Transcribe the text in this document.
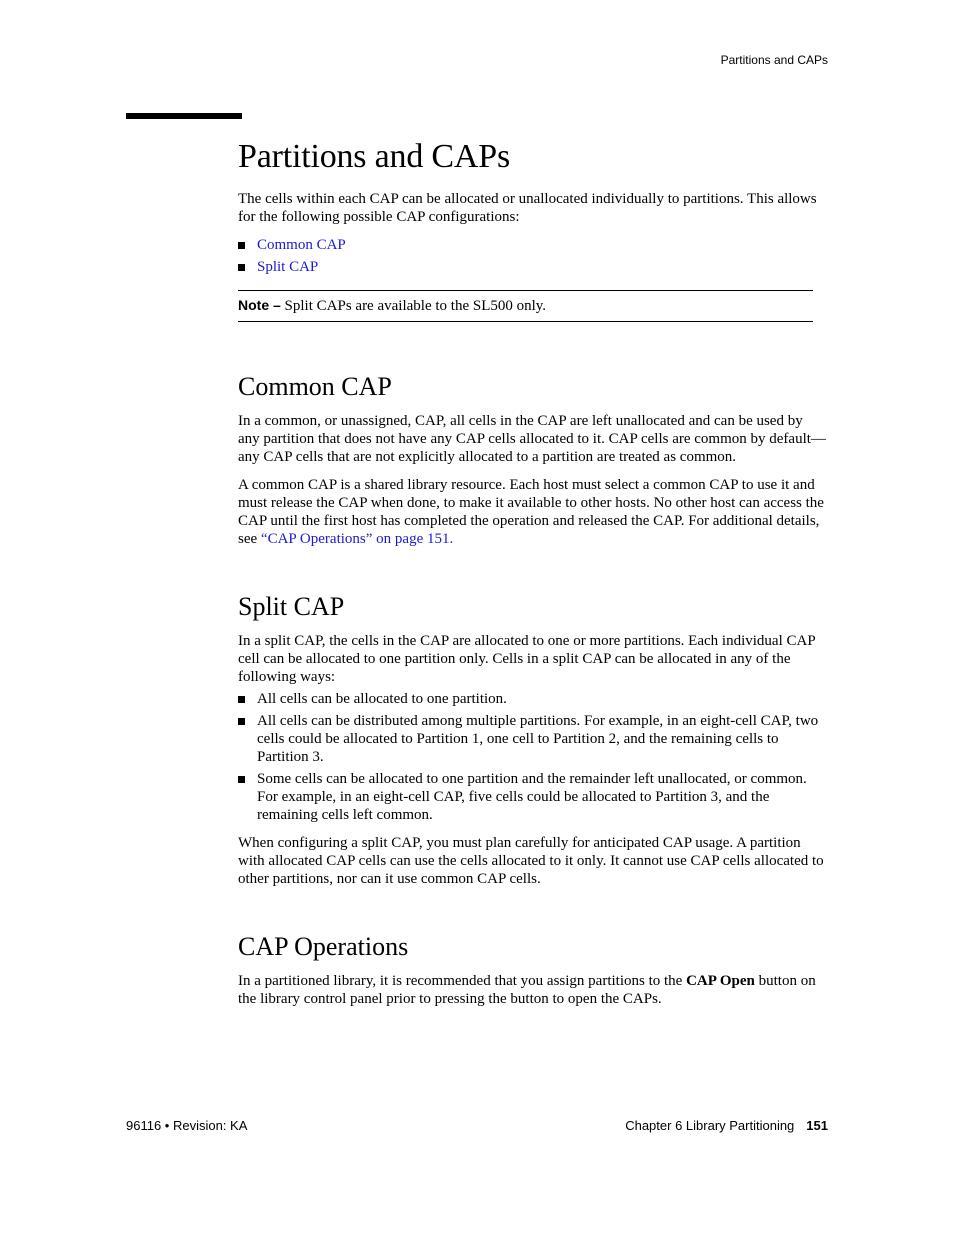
Partitions and CAPs
Partitions and CAPs

The cells within each CAP can be allocated or unallocated individually to partitions. This allows for the following possible CAP configurations:

Common CAP
Split CAP
Note – Split CAPs are available to the SL500 only.
Common CAP

In a common, or unassigned, CAP, all cells in the CAP are left unallocated and can be used by any partition that does not have any CAP cells allocated to it. CAP cells are common by default—any CAP cells that are not explicitly allocated to a partition are treated as common.

A common CAP is a shared library resource. Each host must select a common CAP to use it and must release the CAP when done, to make it available to other hosts. No other host can access the CAP until the first host has completed the operation and released the CAP. For additional details, see “CAP Operations” on page 151.

Split CAP

In a split CAP, the cells in the CAP are allocated to one or more partitions. Each individual CAP cell can be allocated to one partition only. Cells in a split CAP can be allocated in any of the following ways:

All cells can be allocated to one partition.
All cells can be distributed among multiple partitions. For example, in an eight-cell CAP, two cells could be allocated to Partition 1, one cell to Partition 2, and the remaining cells to Partition 3.
Some cells can be allocated to one partition and the remainder left unallocated, or common. For example, in an eight-cell CAP, five cells could be allocated to Partition 3, and the remaining cells left common.

When configuring a split CAP, you must plan carefully for anticipated CAP usage. A partition with allocated CAP cells can use the cells allocated to it only. It cannot use CAP cells allocated to other partitions, nor can it use common CAP cells.

CAP Operations

In a partitioned library, it is recommended that you assign partitions to the CAP Open button on the library control panel prior to pressing the button to open the CAPs.

96116 • Revision: KA	Chapter 6 Library Partitioning 151
